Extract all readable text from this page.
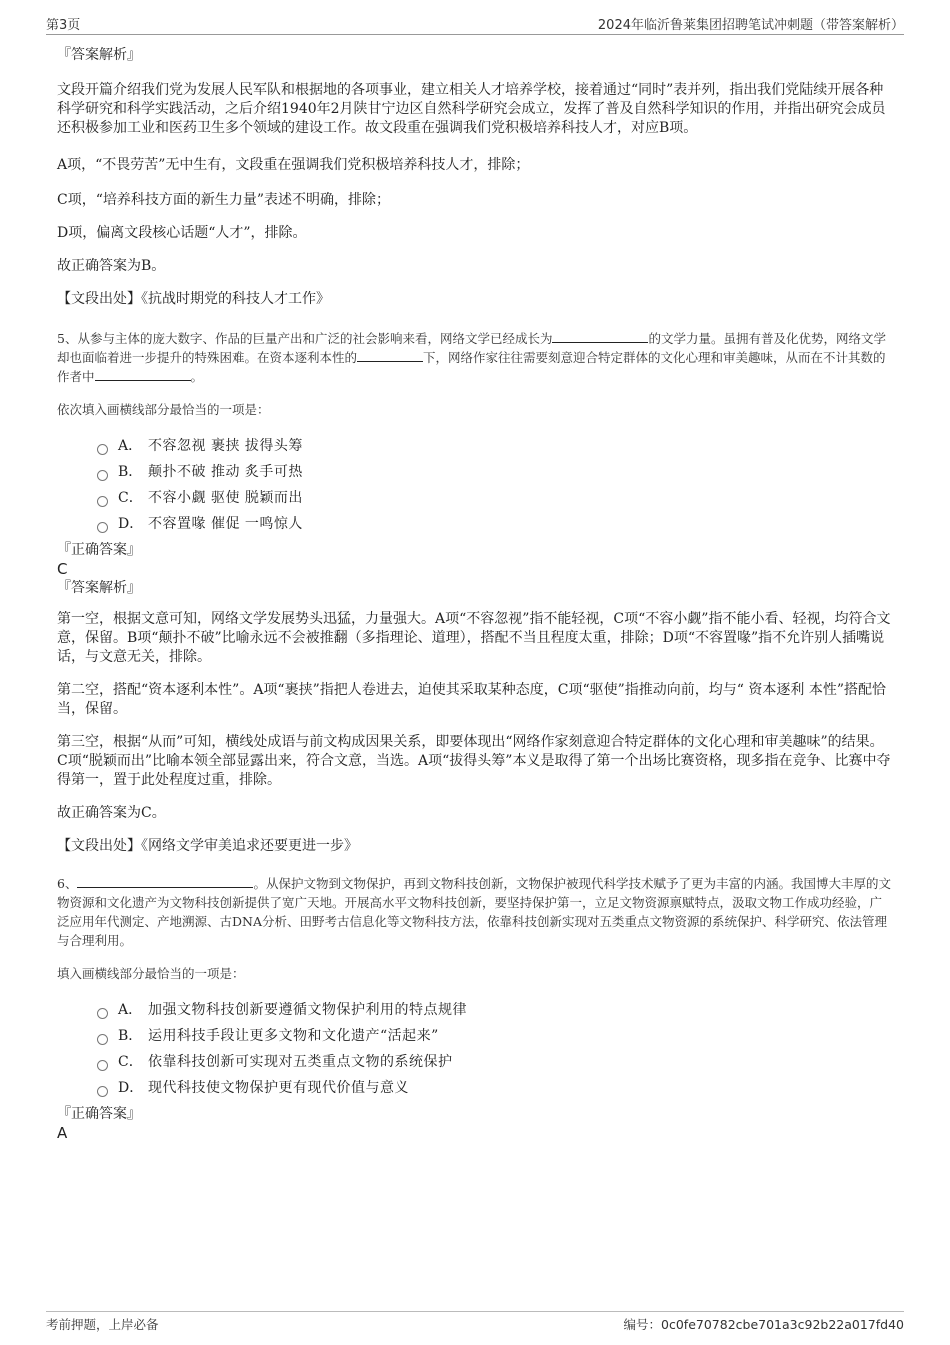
第3页	2024年临沂鲁莱集团招聘笔试冲刺题（带答案解析）
『答案解析』

文段开篇介绍我们党为发展人民军队和根据地的各项事业，建立相关人才培养学校，接着通过“同时”表并列，指出我们党陆续开展各种科学研究和科学实践活动，之后介绍1940年2月陕甘宁边区自然科学研究会成立，发挥了普及自然科学知识的作用，并指出研究会成员还积极参加工业和医药卫生多个领域的建设工作。故文段重在强调我们党积极培养科技人才，对应B项。

A项，“不畏劳苦”无中生有，文段重在强调我们党积极培养科技人才，排除；

C项，“培养科技方面的新生力量”表述不明确，排除；

D项，偏离文段核心话题“人才”，排除。

故正确答案为B。

【文段出处】《抗战时期党的科技人才工作》

5、从参与主体的庞大数字、作品的巨量产出和广泛的社会影响来看，网络文学已经成长为	的文学力量。虽拥有普及化优势，网络文学却也面临着进一步提升的特殊困难。在资本逐利本性的	下，网络作家往往需要刻意迎合特定群体的文化心理和审美趣味，从而在不计其数的作者中	。

依次填入画横线部分最恰当的一项是：

A． 不容忽视 裹挟 拔得头筹
B． 颠扑不破 推动 炙手可热
C． 不容小觑 驱使 脱颖而出
D． 不容置喙 催促 一鸣惊人
『正确答案』
C
『答案解析』

第一空，根据文意可知，网络文学发展势头迅猛，力量强大。A项“不容忽视”指不能轻视，C项“不容小觑”指不能小看、轻视，均符合文意，保留。B项“颠扑不破”比喻永远不会被推翻（多指理论、道理），搭配不当且程度太重，排除；D项“不容置喙”指不允许别人插嘴说话，与文意无关，排除。

第二空，搭配“资本逐利本性”。A项“裹挟”指把人卷进去，迫使其采取某种态度，C项“驱使”指推动向前，均与“ 资本逐利 本性”搭配恰当，保留。

第三空，根据“从而”可知，横线处成语与前文构成因果关系，即要体现出“网络作家刻意迎合特定群体的文化心理和审美趣味”的结果。C项“脱颖而出”比喻本领全部显露出来，符合文意，当选。A项“拔得头筹”本义是取得了第一个出场比赛资格，现多指在竞争、比赛中夺得第一，置于此处程度过重，排除。

故正确答案为C。

【文段出处】《网络文学审美追求还要更进一步》

6、	。从保护文物到文物保护，再到文物科技创新，文物保护被现代科学技术赋予了更为丰富的内涵。我国博大丰厚的文物资源和文化遗产为文物科技创新提供了宽广天地。开展高水平文物科技创新，要坚持保护第一，立足文物资源禀赋特点，汲取文物工作成功经验，广泛应用年代测定、产地溯源、古DNA分析、田野考古信息化等文物科技方法，依靠科技创新实现对五类重点文物资源的系统保护、科学研究、依法管理与合理利用。

填入画横线部分最恰当的一项是：

A． 加强文物科技创新要遵循文物保护利用的特点规律
B． 运用科技手段让更多文物和文化遗产“活起来”
C． 依靠科技创新可实现对五类重点文物的系统保护
D． 现代科技使文物保护更有现代价值与意义
『正确答案』
A
考前押题，上岸必备	编号：0c0fe70782cbe701a3c92b22a017fd40
